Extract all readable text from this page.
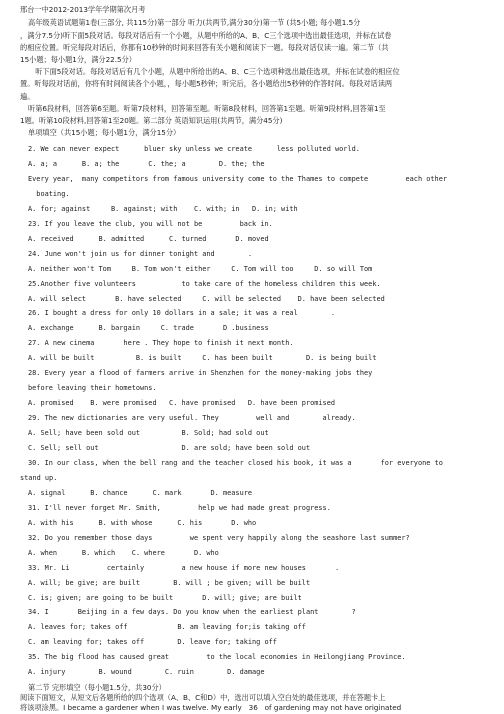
邢台一中2012-2013学年学期第次月考
高年级英语试题第1卷(三部分, 共115分)第一部分 听力(共两节,满分30分)第一节 (共5小题; 每小题1.5分
，满分7.5分)听下面5段对话。每段对话后有一个小题，从题中所给的A、B、C三个选项中选出最佳选项，并标在试卷
的相应位置。听完每段对话后，你都有10秒钟的时间来回答有关小题和阅读下一题。每段对话仅读一遍。第二节（共
15小题；每小题1分，满分22.5分）
　听下面5段对话。每段对话后有几个小题，从题中所给出的A、B、C三个选项种选出最佳选项，并标在试卷的相应位
置。听每段对话前，你将有时间阅读各个小题，，每小题5秒钟；听完后，各小题给出5秒钟的作答时间。每段对话读两
遍。
听第6段材料，回答第6至题。听第7段材料，回答第至题。听第8段材料，回答第1至题。听第9段材料,回答第1至
1题。听第10段材料,回答第1至20题。第二部分 英语知识运用(共两节，满分45分)
单项填空（共15小题；每小题1分，满分15分）
2. We can never expect      bluer sky unless we create      less polluted world.
A. a; a      B. a; the       C. the; a        D. the; the
Every year,  many competitors from famous university come to the Thames to compete         each other
boating.
A. for; against     B. against; with    C. with; in   D. in; with
23. If you leave the club, you will not be         back in.
A. received      B. admitted      C. turned       D. moved
24. June won't join us for dinner tonight and        .
A. neither won't Tom     B. Tom won't either     C. Tom will too     D. so will Tom
25.Another five volunteers           to take care of the homeless children this week.
A. will select       B. have selected     C. will be selected    D. have been selected
26. I bought a dress for only 10 dollars in a sale; it was a real        .
A. exchange      B. bargain     C. trade       D .business
27. A new cinema       here . They hope to finish it next month.
A. will be built          B. is built     C. has been built        D. is being built
28. Every year a flood of farmers arrive in Shenzhen for the money-making jobs they
before leaving their hometowns.
A. promised    B. were promised   C. have promised   D. have been promised
29. The new dictionaries are very useful. They         well and        already.
A. Sell; have been sold out          B. Sold; had sold out
C. Sell; sell out                    D. are sold; have been sold out
30. In our class, when the bell rang and the teacher closed his book, it was a       for everyone to
stand up.
A. signal      B. chance      C. mark       D. measure
31. I'll never forget Mr. Smith,         help we had made great progress.
A. with his      B. with whose      C. his       D. who
32. Do you remember those days         we spent very happily along the seashore last summer?
A. when      B. which    C. where       D. who
33. Mr. Li         certainly         a new house if more new houses       .
A. will; be give; are built        B. will ; be given; will be built
C. is; given; are going to be built       D. will; give; are built
34. I       Beijing in a few days. Do you know when the earliest plant        ?
A. leaves for; takes off            B. am leaving for;is taking off
C. am leaving for; takes off        D. leave for; taking off
35. The big flood has caused great         to the local economies in Heilongjiang Province.
A. injury        B. wound        C. ruin        D. damage
第二节 完形填空（每小题1.5分，共30分）
阅读下面短文，从短文后各题所给的四个选项（A、B、C和D）中，选出可以填入空白处的最佳选项，并在答题卡上
将该项涂黑。I became a gardener when I was twelve. My early   36   of gardening may not have originated
